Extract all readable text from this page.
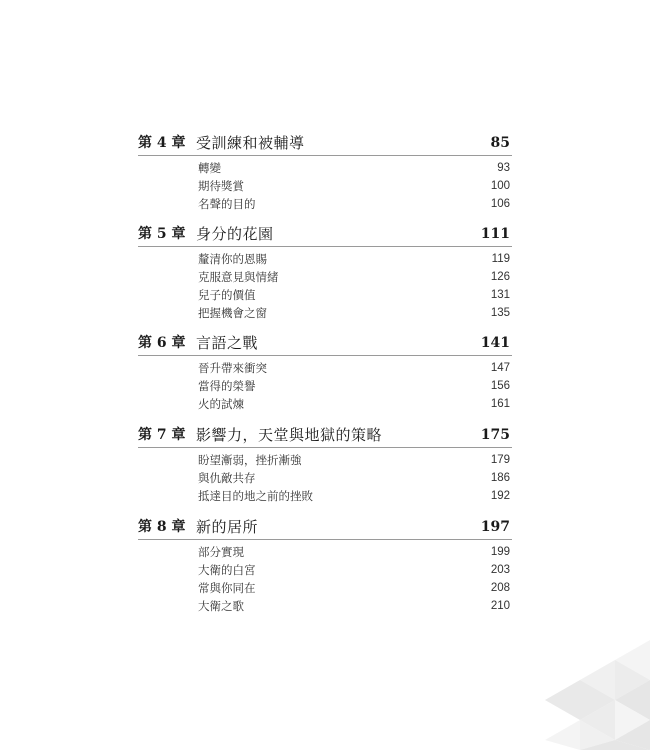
第 4 章 受訓練和被輔導	85
轉變	93
期待獎賞	100
名聲的目的	106
第 5 章 身分的花園	111
釐清你的恩賜	119
克服意見與情緒	126
兒子的價值	131
把握機會之窗	135
第 6 章 言語之戰	141
晉升帶來衝突	147
當得的榮譽	156
火的試煉	161
第 7 章 影響力，天堂與地獄的策略	175
盼望漸弱，挫折漸強	179
與仇敵共存	186
抵達目的地之前的挫敗	192
第 8 章 新的居所	197
部分實現	199
大衛的白宮	203
常與你同在	208
大衛之歌	210
